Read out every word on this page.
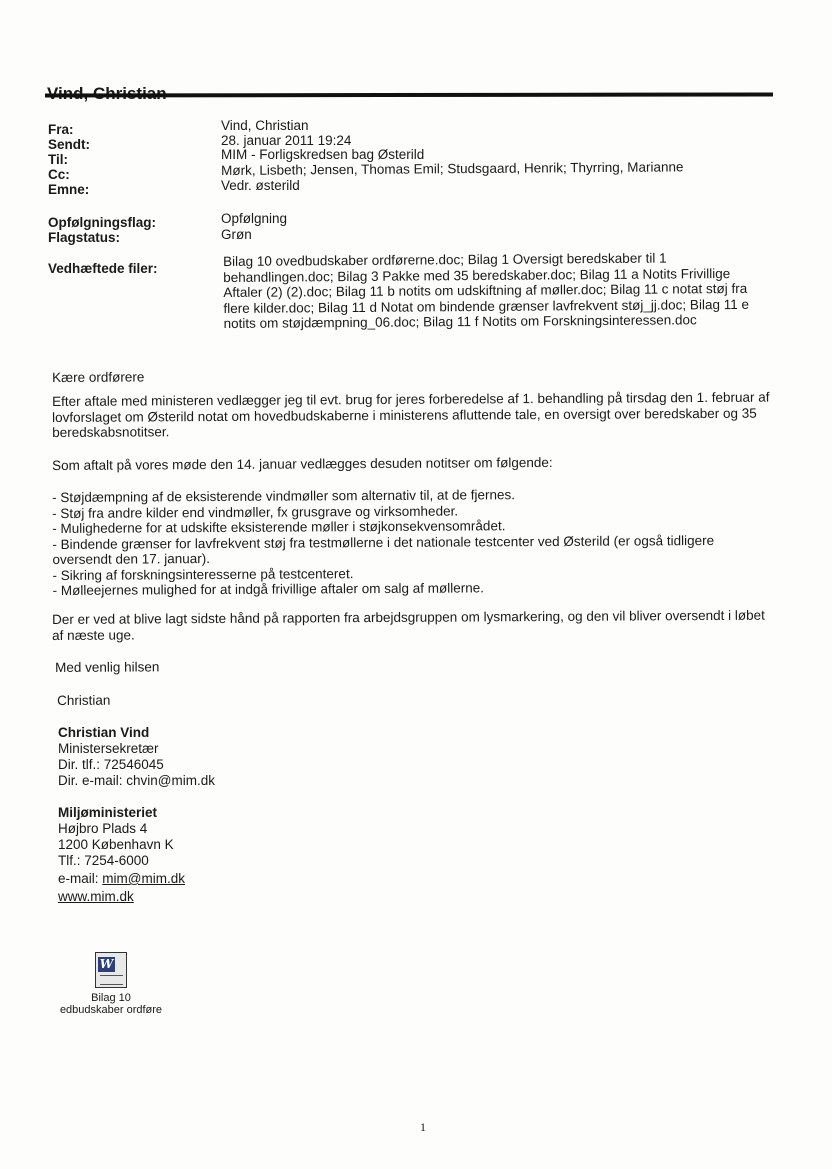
Fra:	Vind, Christian
Sendt:	28. januar 2011 19:24
Til:	MIM - Forligskredsen bag Østerild
Cc:	Mørk, Lisbeth; Jensen, Thomas Emil; Studsgaard, Henrik; Thyrring, Marianne
Emne:	Vedr. østerild
Opfølgningsflag:	Opfølgning
Flagstatus:	Grøn
Vedhæftede filer:	Bilag 10 ovedbudskaber ordførerne.doc; Bilag 1 Oversigt beredskaber til 1 behandlingen.doc; Bilag 3 Pakke med 35 beredskaber.doc; Bilag 11 a Notits Frivillige Aftaler (2) (2).doc; Bilag 11 b notits om udskiftning af møller.doc; Bilag 11 c notat støj fra flere kilder.doc; Bilag 11 d Notat om bindende grænser lavfrekvent støj_jj.doc; Bilag 11 e notits om støjdæmpning_06.doc; Bilag 11 f Notits om Forskningsinteressen.doc
Kære ordførere
Efter aftale med ministeren vedlægger jeg til evt. brug for jeres forberedelse af 1. behandling på tirsdag den 1. februar af lovforslaget om Østerild notat om hovedbudskaberne i ministerens afluttende tale, en oversigt over beredskaber og 35 beredskabsnotitser.
Som aftalt på vores møde den 14. januar vedlægges desuden notitser om følgende:
- Støjdæmpning af de eksisterende vindmøller som alternativ til, at de fjernes.
- Støj fra andre kilder end vindmøller, fx grusgrave og virksomheder.
- Mulighederne for at udskifte eksisterende møller i støjkonsekvensområdet.
- Bindende grænser for lavfrekvent støj fra testmøllerne i det nationale testcenter ved Østerild (er også tidligere oversendt den 17. januar).
- Sikring af forskningsinteresserne på testcenteret.
- Mølleejernes mulighed for at indgå frivillige aftaler om salg af møllerne.
Der er ved at blive lagt sidste hånd på rapporten fra arbejdsgruppen om lysmarkering, og den vil bliver oversendt i løbet af næste uge.
Med venlig hilsen
Christian
Christian Vind
Ministersekretær
Dir. tlf.: 72546045
Dir. e-mail: chvin@mim.dk
Miljøministeriet
Højbro Plads 4
1200 København K
Tlf.: 7254-6000
e-mail: mim@mim.dk
www.mim.dk
W
Bilag 10
edbudskaber ordføre
1
